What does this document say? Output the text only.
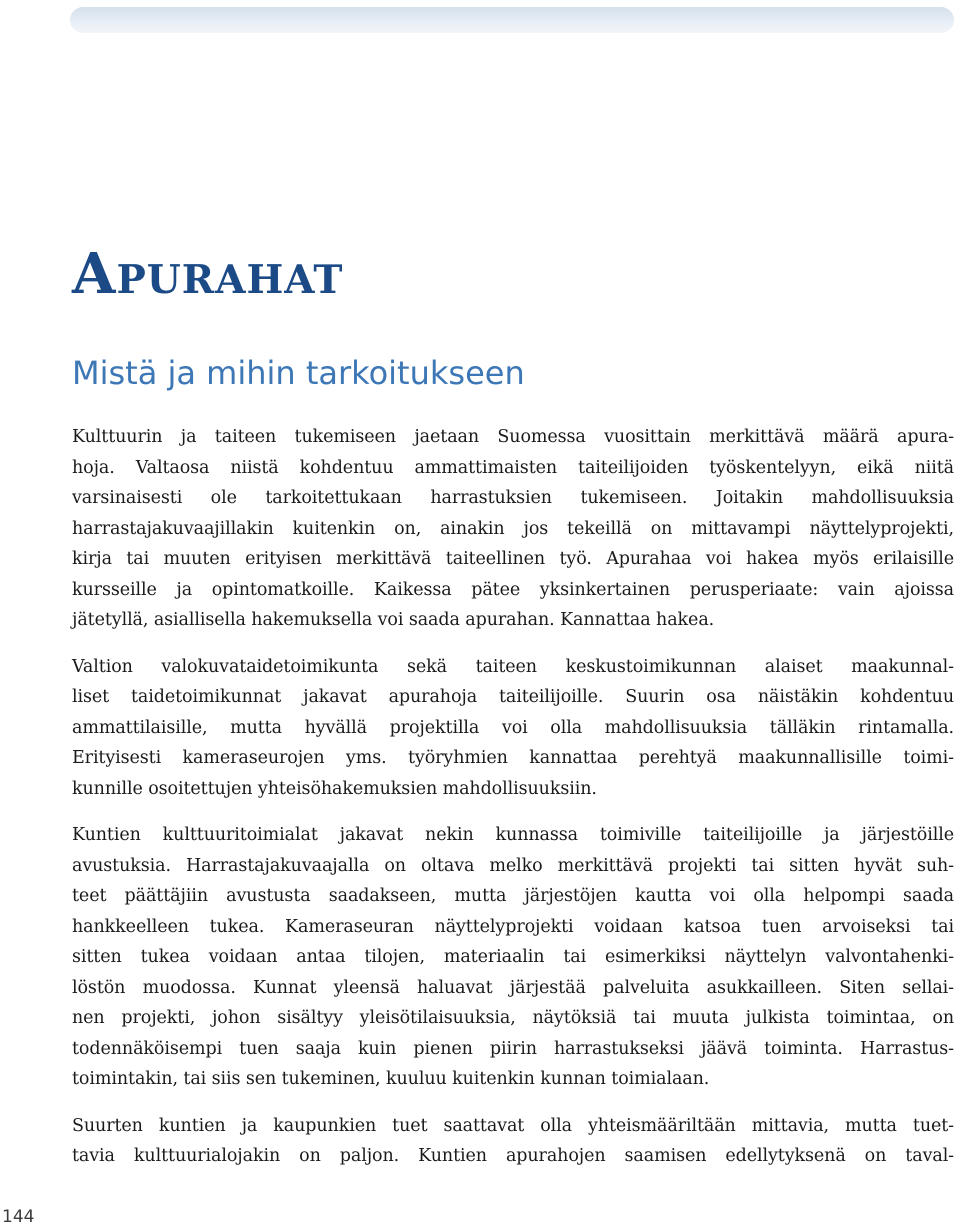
Apurahat
Mistä ja mihin tarkoitukseen

Kulttuurin ja taiteen tukemiseen jaetaan Suomessa vuosittain merkittävä määrä apura-
hoja. Valtaosa niistä kohdentuu ammattimaisten taiteilijoiden työskentelyyn, eikä niitä
varsinaisesti ole tarkoitettukaan harrastuksien tukemiseen. Joitakin mahdollisuuksia
harrastajakuvaajillakin kuitenkin on, ainakin jos tekeillä on mittavampi näyttelyprojekti,
kirja tai muuten erityisen merkittävä taiteellinen työ. Apurahaa voi hakea myös erilaisille
kursseille ja opintomatkoille. Kaikessa pätee yksinkertainen perusperiaate: vain ajoissa
jätetyllä, asiallisella hakemuksella voi saada apurahan. Kannattaa hakea.

Valtion valokuvataidetoimikunta sekä taiteen keskustoimikunnan alaiset maakunnal-
liset taidetoimikunnat jakavat apurahoja taiteilijoille. Suurin osa näistäkin kohdentuu
ammattilaisille, mutta hyvällä projektilla voi olla mahdollisuuksia tälläkin rintamalla.
Erityisesti kameraseurojen yms. työryhmien kannattaa perehtyä maakunnallisille toimi-
kunnille osoitettujen yhteisöhakemuksien mahdollisuuksiin.

Kuntien kulttuuritoimialat jakavat nekin kunnassa toimiville taiteilijoille ja järjestöille
avustuksia. Harrastajakuvaajalla on oltava melko merkittävä projekti tai sitten hyvät suh-
teet päättäjiin avustusta saadakseen, mutta järjestöjen kautta voi olla helpompi saada
hankkeelleen tukea. Kameraseuran näyttelyprojekti voidaan katsoa tuen arvoiseksi tai
sitten tukea voidaan antaa tilojen, materiaalin tai esimerkiksi näyttelyn valvontahenki-
löstön muodossa. Kunnat yleensä haluavat järjestää palveluita asukkailleen. Siten sellai-
nen projekti, johon sisältyy yleisötilaisuuksia, näytöksiä tai muuta julkista toimintaa, on
todennäköisempi tuen saaja kuin pienen piirin harrastukseksi jäävä toiminta. Harrastus-
toimintakin, tai siis sen tukeminen, kuuluu kuitenkin kunnan toimialaan.

Suurten kuntien ja kaupunkien tuet saattavat olla yhteismääriltään mittavia, mutta tuet-
tavia kulttuurialojakin on paljon. Kuntien apurahojen saamisen edellytyksenä on taval-

144
